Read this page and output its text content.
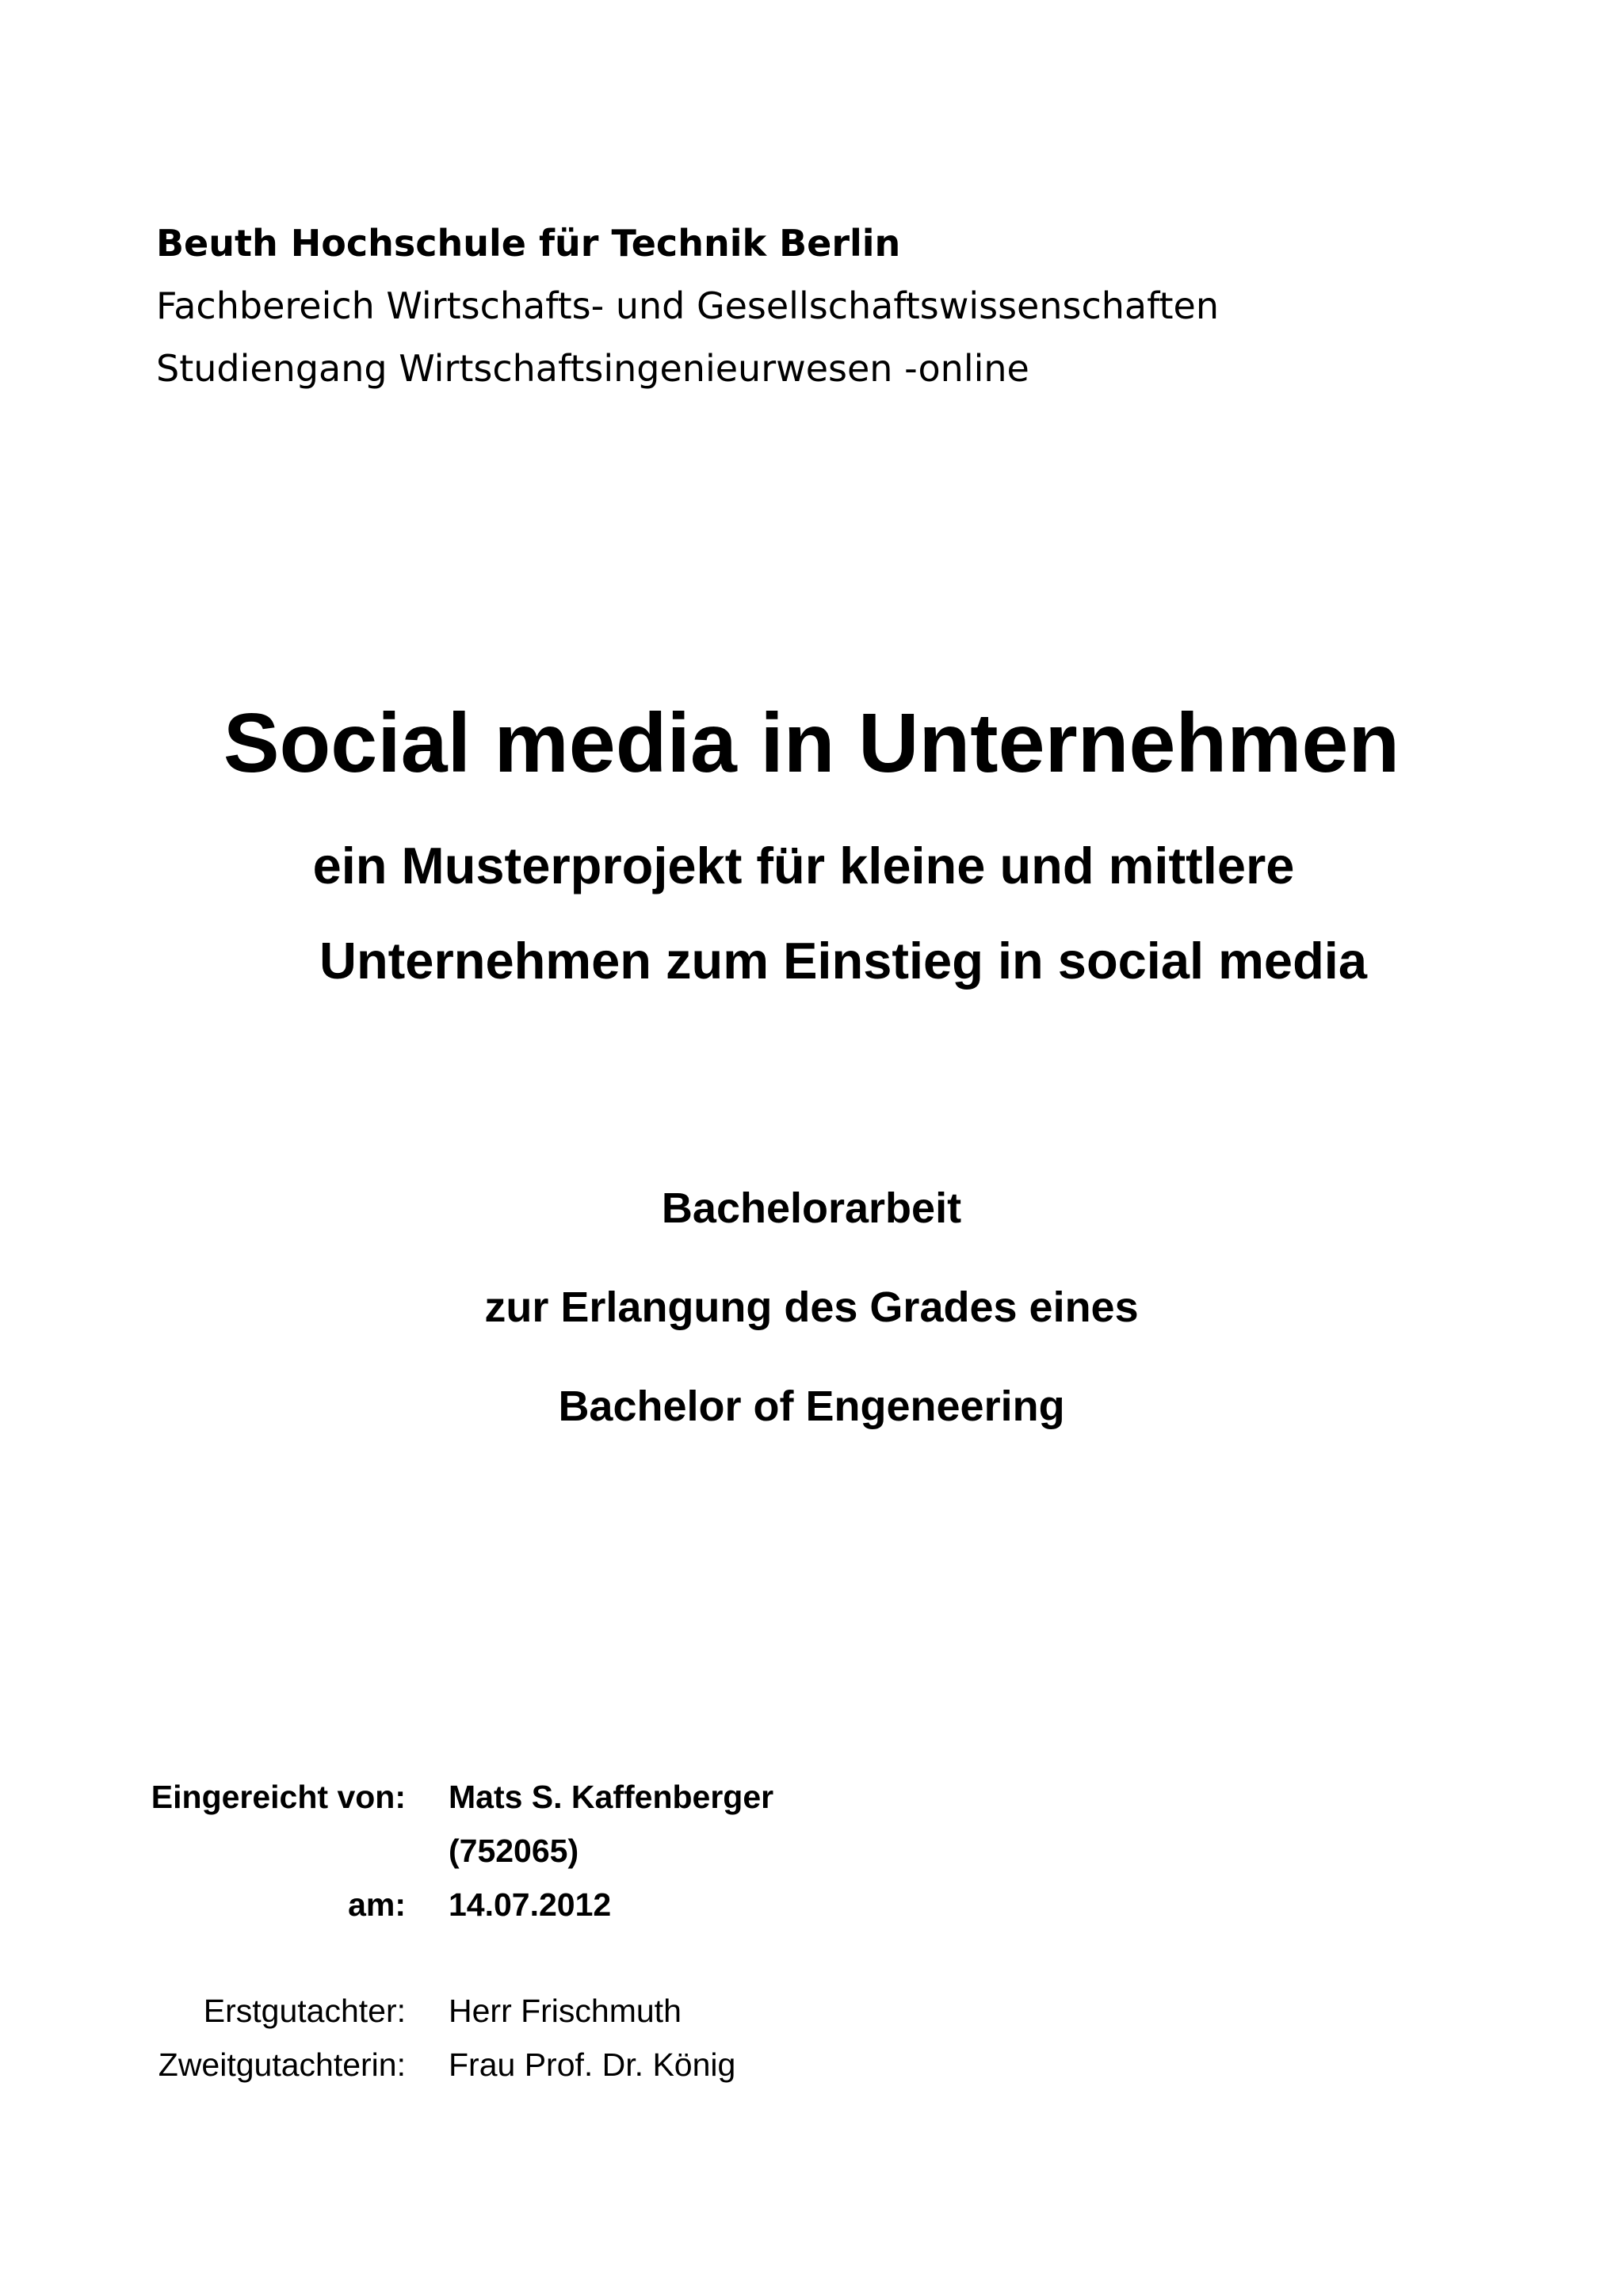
Beuth Hochschule für Technik Berlin
Fachbereich Wirtschafts- und Gesellschaftswissenschaften
Studiengang Wirtschaftsingenieurwesen -online
Social media in Unternehmen
ein Musterprojekt für kleine und mittlere
Unternehmen zum Einstieg in social media
Bachelorarbeit
zur Erlangung des Grades eines
Bachelor of Engeneering
Eingereicht von: Mats S. Kaffenberger
(752065)
am: 14.07.2012
Erstgutachter: Herr Frischmuth
Zweitgutachterin: Frau Prof. Dr. König
